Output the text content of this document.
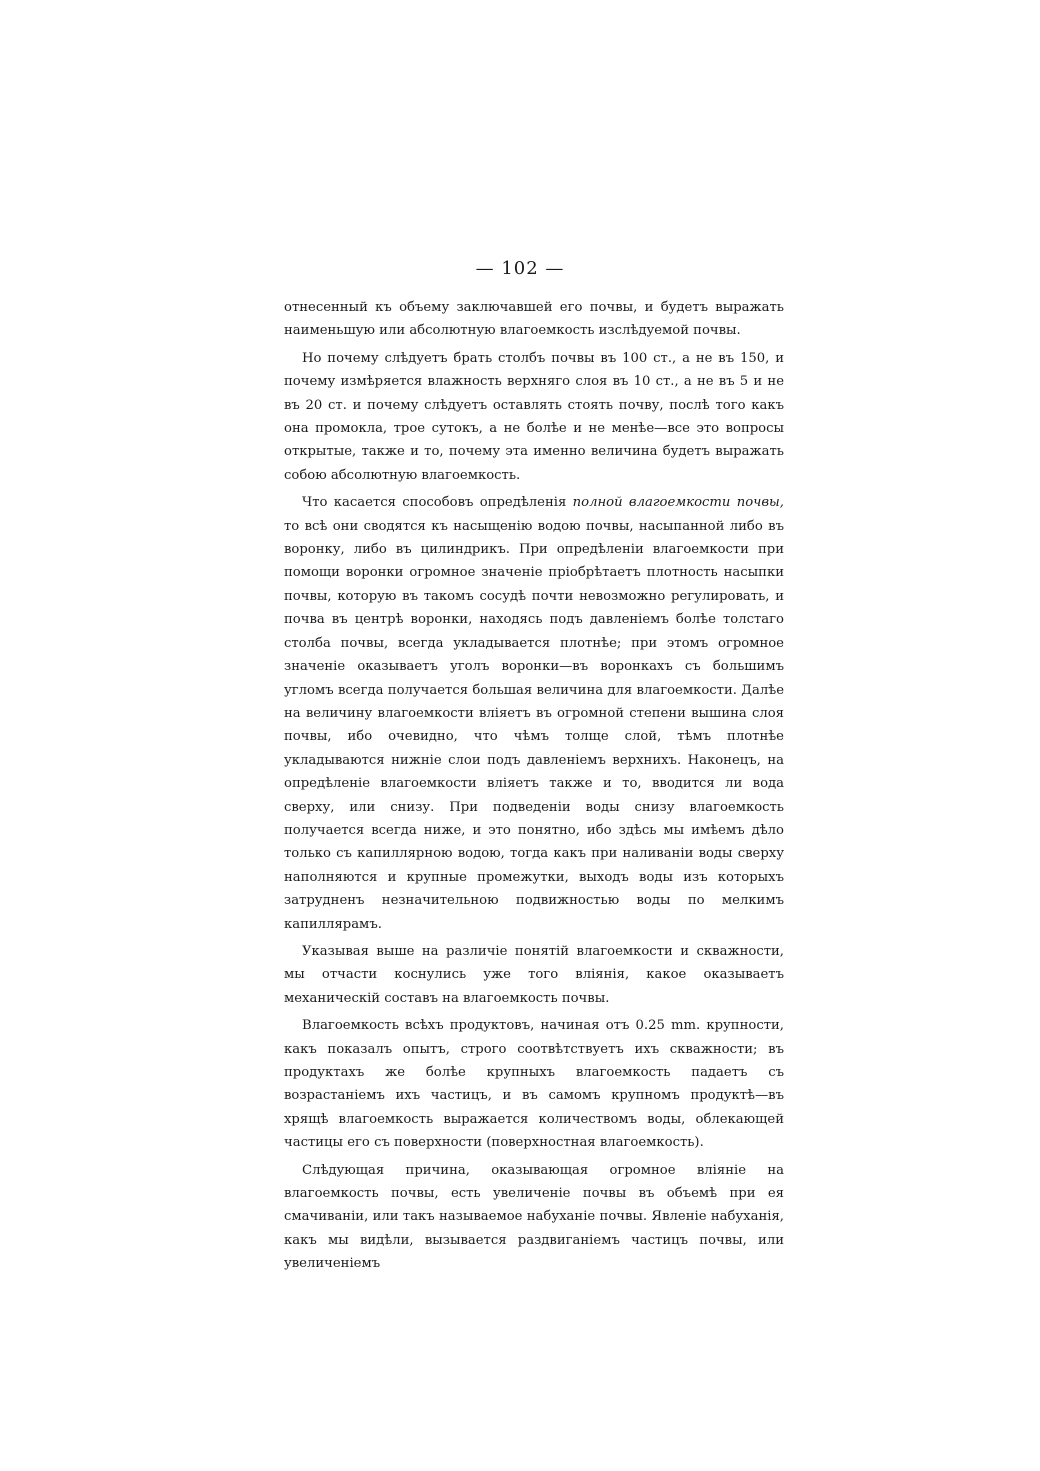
— 102 —

отнесенный къ объему заключавшей его почвы, и будетъ выражать наименьшую или абсолютную влагоемкость изслѣдуемой почвы.

Но почему слѣдуетъ брать столбъ почвы въ 100 ст., а не въ 150, и почему измѣряется влажность верхняго слоя въ 10 ст., а не въ 5 и не въ 20 ст. и почему слѣдуетъ оставлять стоять почву, послѣ того какъ она промокла, трое сутокъ, а не болѣе и не менѣе—все это вопросы открытые, также и то, почему эта именно величина будетъ выражать собою абсолютную влагоемкость.

Что касается способовъ опредѣленія полной влагоемкости почвы, то всѣ они сводятся къ насыщенію водою почвы, насыпанной либо въ воронку, либо въ цилиндрикъ. При опредѣленіи влагоемкости при помощи воронки огромное значеніе пріобрѣтаетъ плотность насыпки почвы, которую въ такомъ сосудѣ почти невозможно регулировать, и почва въ центрѣ воронки, находясь подъ давленіемъ болѣе толстаго столба почвы, всегда укладывается плотнѣе; при этомъ огромное значеніе оказываетъ уголъ воронки—въ воронкахъ съ большимъ угломъ всегда получается большая величина для влагоемкости. Далѣе на величину влагоемкости вліяетъ въ огромной степени вышина слоя почвы, ибо очевидно, что чѣмъ толще слой, тѣмъ плотнѣе укладываются нижніе слои подъ давленіемъ верхнихъ. Наконецъ, на опредѣленіе влагоемкости вліяетъ также и то, вводится ли вода сверху, или снизу. При подведеніи воды снизу влагоемкость получается всегда ниже, и это понятно, ибо здѣсь мы имѣемъ дѣло только съ капиллярною водою, тогда какъ при наливаніи воды сверху наполняются и крупные промежутки, выходъ воды изъ которыхъ затрудненъ незначительною подвижностью воды по мелкимъ капиллярамъ.

Указывая выше на различіе понятій влагоемкости и скважности, мы отчасти коснулись уже того вліянія, какое оказываетъ механическій составъ на влагоемкость почвы.

Влагоемкость всѣхъ продуктовъ, начиная отъ 0.25 mm. крупности, какъ показалъ опытъ, строго соотвѣтствуетъ ихъ скважности; въ продуктахъ же болѣе крупныхъ влагоемкость падаетъ съ возрастаніемъ ихъ частицъ, и въ самомъ крупномъ продуктѣ—въ хрящѣ влагоемкость выражается количествомъ воды, облекающей частицы его съ поверхности (поверхностная влагоемкость).

Слѣдующая причина, оказывающая огромное вліяніе на влагоемкость почвы, есть увеличеніе почвы въ объемѣ при ея смачиваніи, или такъ называемое набуханіе почвы. Явленіе набуханія, какъ мы видѣли, вызывается раздвиганіемъ частицъ почвы, или увеличеніемъ
